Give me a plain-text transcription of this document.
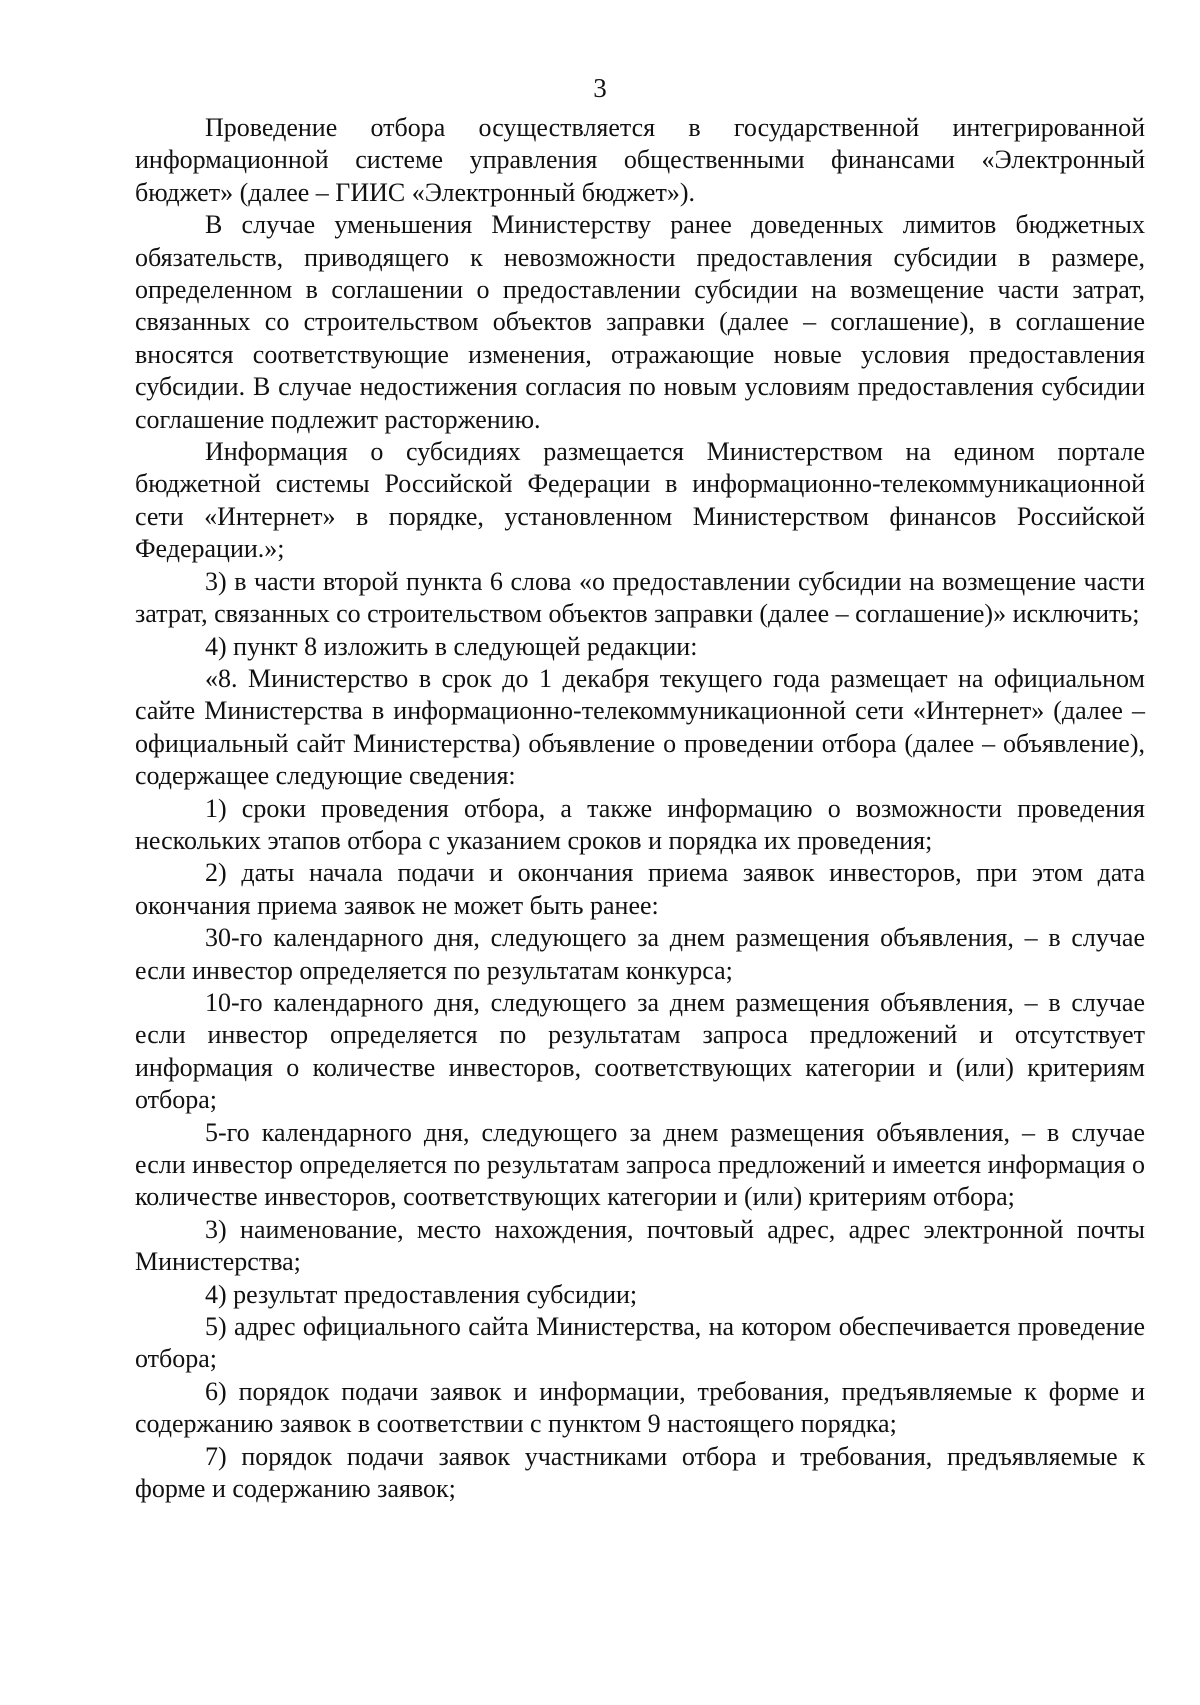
3

Проведение отбора осуществляется в государственной интегрированной информационной системе управления общественными финансами «Электронный бюджет» (далее – ГИИС «Электронный бюджет»).

В случае уменьшения Министерству ранее доведенных лимитов бюджетных обязательств, приводящего к невозможности предоставления субсидии в размере, определенном в соглашении о предоставлении субсидии на возмещение части затрат, связанных со строительством объектов заправки (далее – соглашение), в соглашение вносятся соответствующие изменения, отражающие новые условия предоставления субсидии. В случае недостижения согласия по новым условиям предоставления субсидии соглашение подлежит расторжению.

Информация о субсидиях размещается Министерством на едином портале бюджетной системы Российской Федерации в информационно-телекоммуникационной сети «Интернет» в порядке, установленном Министерством финансов Российской Федерации.»;

3) в части второй пункта 6 слова «о предоставлении субсидии на возмещение части затрат, связанных со строительством объектов заправки (далее – соглашение)» исключить;

4) пункт 8 изложить в следующей редакции:

«8. Министерство в срок до 1 декабря текущего года размещает на официальном сайте Министерства в информационно-телекоммуникационной сети «Интернет» (далее – официальный сайт Министерства) объявление о проведении отбора (далее – объявление), содержащее следующие сведения:

1) сроки проведения отбора, а также информацию о возможности проведения нескольких этапов отбора с указанием сроков и порядка их проведения;

2) даты начала подачи и окончания приема заявок инвесторов, при этом дата окончания приема заявок не может быть ранее:

30-го календарного дня, следующего за днем размещения объявления, – в случае если инвестор определяется по результатам конкурса;

10-го календарного дня, следующего за днем размещения объявления, – в случае если инвестор определяется по результатам запроса предложений и отсутствует информация о количестве инвесторов, соответствующих категории и (или) критериям отбора;

5-го календарного дня, следующего за днем размещения объявления, – в случае если инвестор определяется по результатам запроса предложений и имеется информация о количестве инвесторов, соответствующих категории и (или) критериям отбора;

3) наименование, место нахождения, почтовый адрес, адрес электронной почты Министерства;

4) результат предоставления субсидии;

5) адрес официального сайта Министерства, на котором обеспечивается проведение отбора;

6) порядок подачи заявок и информации, требования, предъявляемые к форме и содержанию заявок в соответствии с пунктом 9 настоящего порядка;

7) порядок подачи заявок участниками отбора и требования, предъявляемые к форме и содержанию заявок;
